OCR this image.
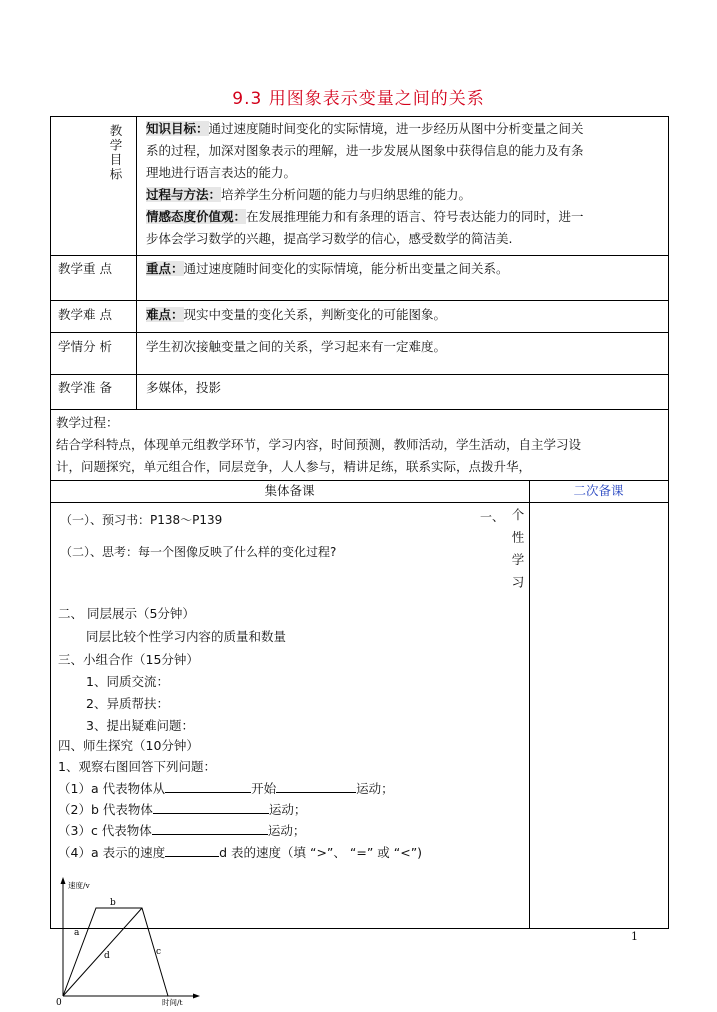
9.3 用图象表示变量之间的关系
教学目标 知识目标：通过速度随时间变化的实际情境，进一步经历从图中分析变量之间关
系的过程，加深对图象表示的理解，进一步发展从图象中获得信息的能力及有条
理地进行语言表达的能力。
过程与方法：培养学生分析问题的能力与归纳思维的能力。
情感态度价值观：在发展推理能力和有条理的语言、符号表达能力的同时，进一
步体会学习数学的兴趣，提高学习数学的信心，感受数学的简洁美.
教学重 点	重点：通过速度随时间变化的实际情境，能分析出变量之间关系。
教学难 点	难点：现实中变量的变化关系，判断变化的可能图象。
学情分 析	学生初次接触变量之间的关系，学习起来有一定难度。
教学准 备	多媒体，投影
教学过程：
结合学科特点，体现单元组教学环节，学习内容，时间预测，教师活动，学生活动，自主学习设
计，问题探究，单元组合作，同层竞争，人人参与，精讲足练，联系实际，点拨升华，
集体备课	二次备课
一、 个性学习
（一）、预习书：P138～P139
（二）、思考：每一个图像反映了什么样的变化过程?
二、 同层展示（5分钟）
同层比较个性学习内容的质量和数量
三、小组合作（15分钟）
1、同质交流：
2、异质帮扶：
3、提出疑难问题：
四、师生探究（10分钟）
1、观察右图回答下列问题：
（1）a 代表物体从	开始	运动；
（2）b 代表物体	运动；
（3）c 代表物体	运动；
（4）a 表示的速度	d 表的速度（填 “>”、 “=” 或 “<”)
速度/v
时间/t
0
a
b
c
d
1
